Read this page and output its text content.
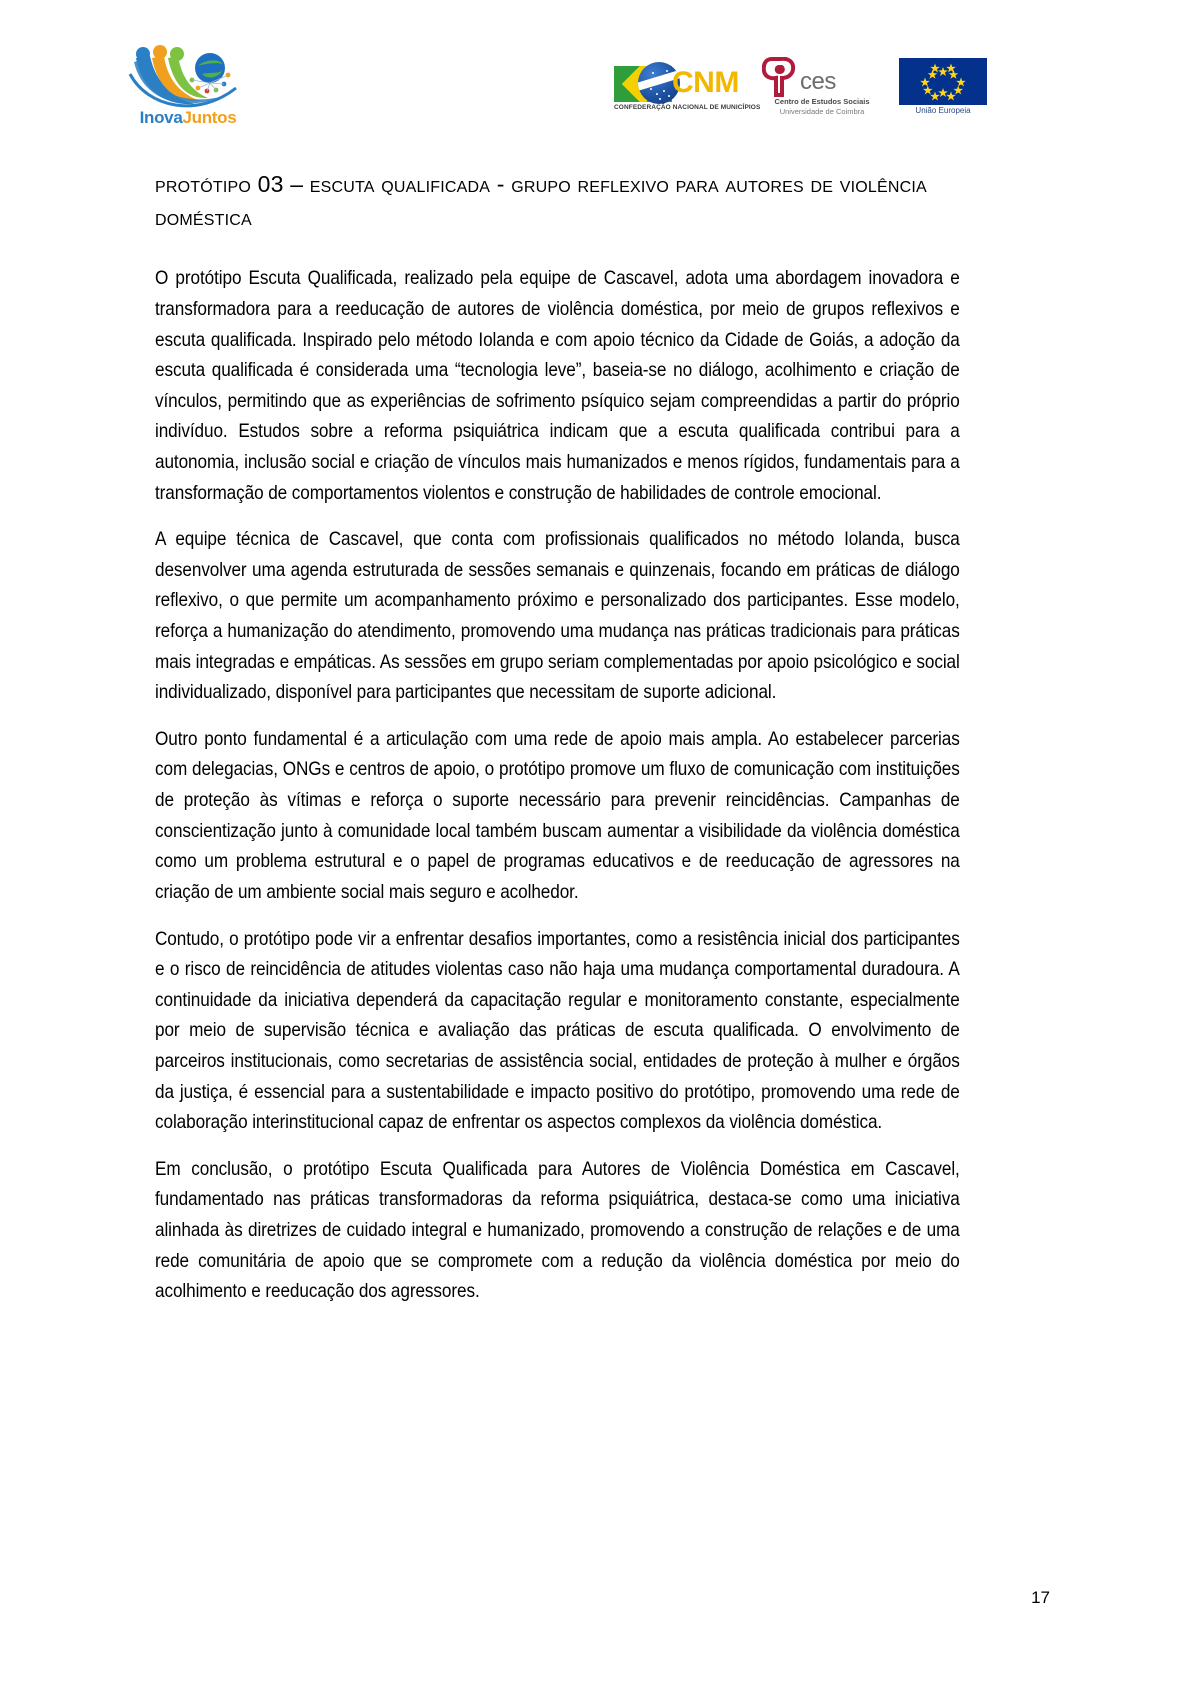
InovaJuntos
CNM
CONFEDERAÇÃO NACIONAL DE MUNICÍPIOS
ces
Centro de Estudos Sociais
Universidade de Coimbra	União Europeia
protótipo 03 – escuta qualificada - grupo reflexivo para autores de violência doméstica

O protótipo Escuta Qualificada, realizado pela equipe de Cascavel, adota uma abordagem inovadora e transformadora para a reeducação de autores de violência doméstica, por meio de grupos reflexivos e escuta qualificada. Inspirado pelo método Iolanda e com apoio técnico da Cidade de Goiás, a adoção da escuta qualificada é considerada uma “tecnologia leve”, baseia-se no diálogo, acolhimento e criação de vínculos, permitindo que as experiências de sofrimento psíquico sejam compreendidas a partir do próprio indivíduo. Estudos sobre a reforma psiquiátrica indicam que a escuta qualificada contribui para a autonomia, inclusão social e criação de vínculos mais humanizados e menos rígidos, fundamentais para a transformação de comportamentos violentos e construção de habilidades de controle emocional.

A equipe técnica de Cascavel, que conta com profissionais qualificados no método Iolanda, busca desenvolver uma agenda estruturada de sessões semanais e quinzenais, focando em práticas de diálogo reflexivo, o que permite um acompanhamento próximo e personalizado dos participantes. Esse modelo, reforça a humanização do atendimento, promovendo uma mudança nas práticas tradicionais para práticas mais integradas e empáticas. As sessões em grupo seriam complementadas por apoio psicológico e social individualizado, disponível para participantes que necessitam de suporte adicional.

Outro ponto fundamental é a articulação com uma rede de apoio mais ampla. Ao estabelecer parcerias com delegacias, ONGs e centros de apoio, o protótipo promove um fluxo de comunicação com instituições de proteção às vítimas e reforça o suporte necessário para prevenir reincidências. Campanhas de conscientização junto à comunidade local também buscam aumentar a visibilidade da violência doméstica como um problema estrutural e o papel de programas educativos e de reeducação de agressores na criação de um ambiente social mais seguro e acolhedor.

Contudo, o protótipo pode vir a enfrentar desafios importantes, como a resistência inicial dos participantes e o risco de reincidência de atitudes violentas caso não haja uma mudança comportamental duradoura. A continuidade da iniciativa dependerá da capacitação regular e monitoramento constante, especialmente por meio de supervisão técnica e avaliação das práticas de escuta qualificada. O envolvimento de parceiros institucionais, como secretarias de assistência social, entidades de proteção à mulher e órgãos da justiça, é essencial para a sustentabilidade e impacto positivo do protótipo, promovendo uma rede de colaboração interinstitucional capaz de enfrentar os aspectos complexos da violência doméstica.

Em conclusão, o protótipo Escuta Qualificada para Autores de Violência Doméstica em Cascavel, fundamentado nas práticas transformadoras da reforma psiquiátrica, destaca-se como uma iniciativa alinhada às diretrizes de cuidado integral e humanizado, promovendo a construção de relações e de uma rede comunitária de apoio que se compromete com a redução da violência doméstica por meio do acolhimento e reeducação dos agressores.

17
